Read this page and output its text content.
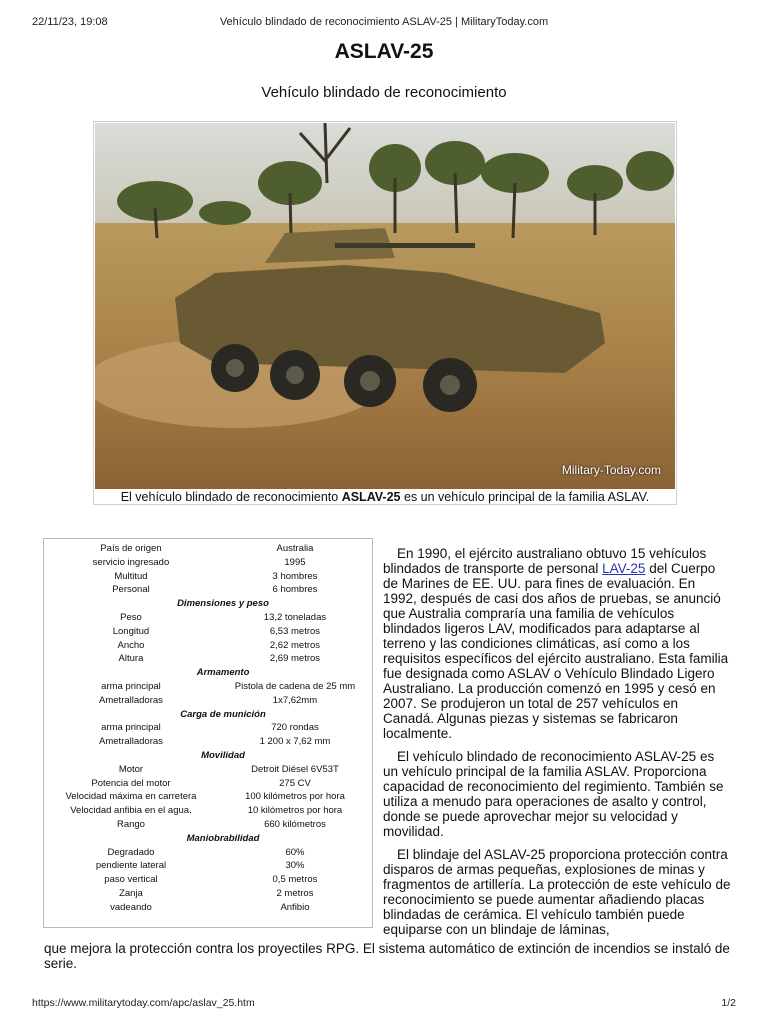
22/11/23, 19:08	Vehículo blindado de reconocimiento ASLAV-25 | MilitaryToday.com
ASLAV-25
Vehículo blindado de reconocimiento
Military-Today.com
El vehículo blindado de reconocimiento ASLAV-25 es un vehículo principal de la familia ASLAV.
País de origen	Australia
servicio ingresado	1995
Multitud	3 hombres
Personal	6 hombres
Dimensiones y peso
Peso	13,2 toneladas
Longitud	6,53 metros
Ancho	2,62 metros
Altura	2,69 metros
Armamento
arma principal	Pistola de cadena de 25 mm
Ametralladoras	1x7,62mm
Carga de munición
arma principal	720 rondas
Ametralladoras	1 200 x 7,62 mm
Movilidad
Motor	Detroit Diésel 6V53T
Potencia del motor	275 CV
Velocidad máxima en carretera	100 kilómetros por hora
Velocidad anfibia en el agua.	10 kilómetros por hora
Rango	660 kilómetros
Maniobrabilidad
Degradado	60%
pendiente lateral	30%
paso vertical	0,5 metros
Zanja	2 metros
vadeando	Anfibio

En 1990, el ejército australiano obtuvo 15 vehículos blindados de transporte de personal LAV-25 del Cuerpo de Marines de EE. UU. para fines de evaluación. En 1992, después de casi dos años de pruebas, se anunció que Australia compraría una familia de vehículos blindados ligeros LAV, modificados para adaptarse al terreno y las condiciones climáticas, así como a los requisitos específicos del ejército australiano. Esta familia fue designada como ASLAV o Vehículo Blindado Ligero Australiano. La producción comenzó en 1995 y cesó en 2007. Se produjeron un total de 257 vehículos en Canadá. Algunas piezas y sistemas se fabricaron localmente.

El vehículo blindado de reconocimiento ASLAV-25 es un vehículo principal de la familia ASLAV. Proporciona capacidad de reconocimiento del regimiento. También se utiliza a menudo para operaciones de asalto y control, donde se puede aprovechar mejor su velocidad y movilidad.

El blindaje del ASLAV-25 proporciona protección contra disparos de armas pequeñas, explosiones de minas y fragmentos de artillería. La protección de este vehículo de reconocimiento se puede aumentar añadiendo placas blindadas de cerámica. El vehículo también puede equiparse con un blindaje de láminas,

que mejora la protección contra los proyectiles RPG. El sistema automático de extinción de incendios se instaló de serie.
https://www.militarytoday.com/apc/aslav_25.htm	1/2
